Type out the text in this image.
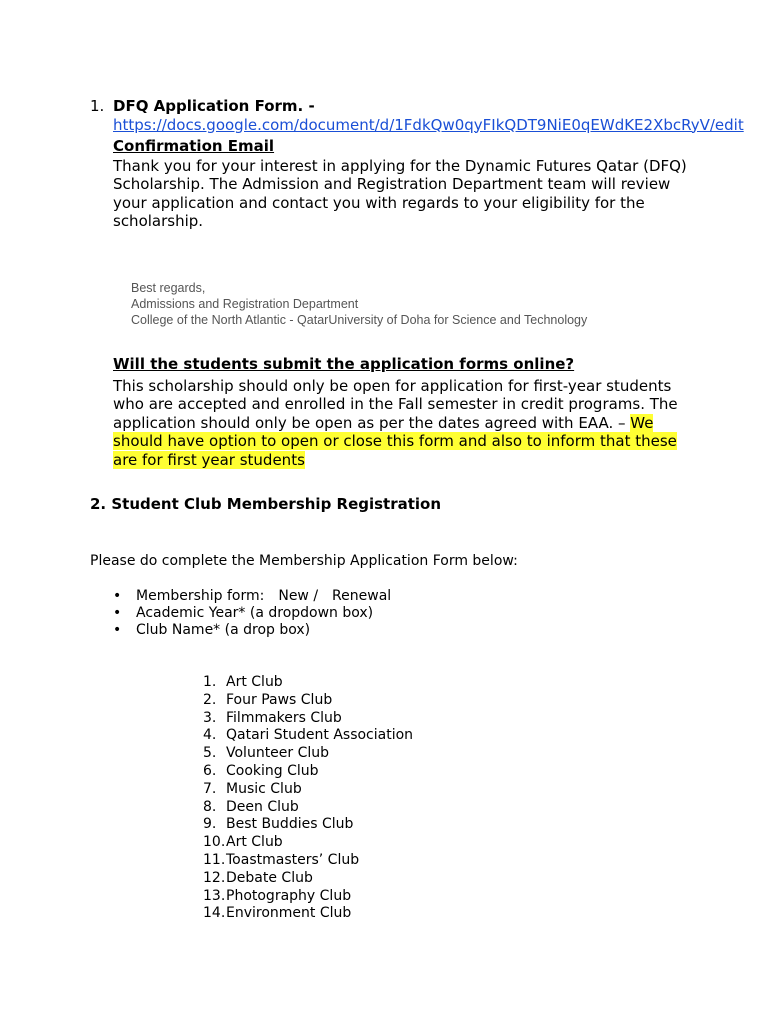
1. DFQ Application Form. -
https://docs.google.com/document/d/1FdkQw0qyFIkQDT9NiE0qEWdKE2XbcRyV/edit
Confirmation Email
Thank you for your interest in applying for the Dynamic Futures Qatar (DFQ) Scholarship. The Admission and Registration Department team will review your application and contact you with regards to your eligibility for the scholarship.
Best regards,
Admissions and Registration Department
College of the North Atlantic - QatarUniversity of Doha for Science and Technology
Will the students submit the application forms online?
This scholarship should only be open for application for first-year students who are accepted and enrolled in the Fall semester in credit programs. The application should only be open as per the dates agreed with EAA. – We should have option to open or close this form and also to inform that these are for first year students
2. Student Club Membership Registration
Please do complete the Membership Application Form below:
•	Membership form: New / Renewal
•	Academic Year* (a dropdown box)
•	Club Name* (a drop box)
1. Art Club
2. Four Paws Club
3. Filmmakers Club
4. Qatari Student Association
5. Volunteer Club
6. Cooking Club
7. Music Club
8. Deen Club
9. Best Buddies Club
10. Art Club
11. Toastmasters’ Club
12. Debate Club
13. Photography Club
14. Environment Club
